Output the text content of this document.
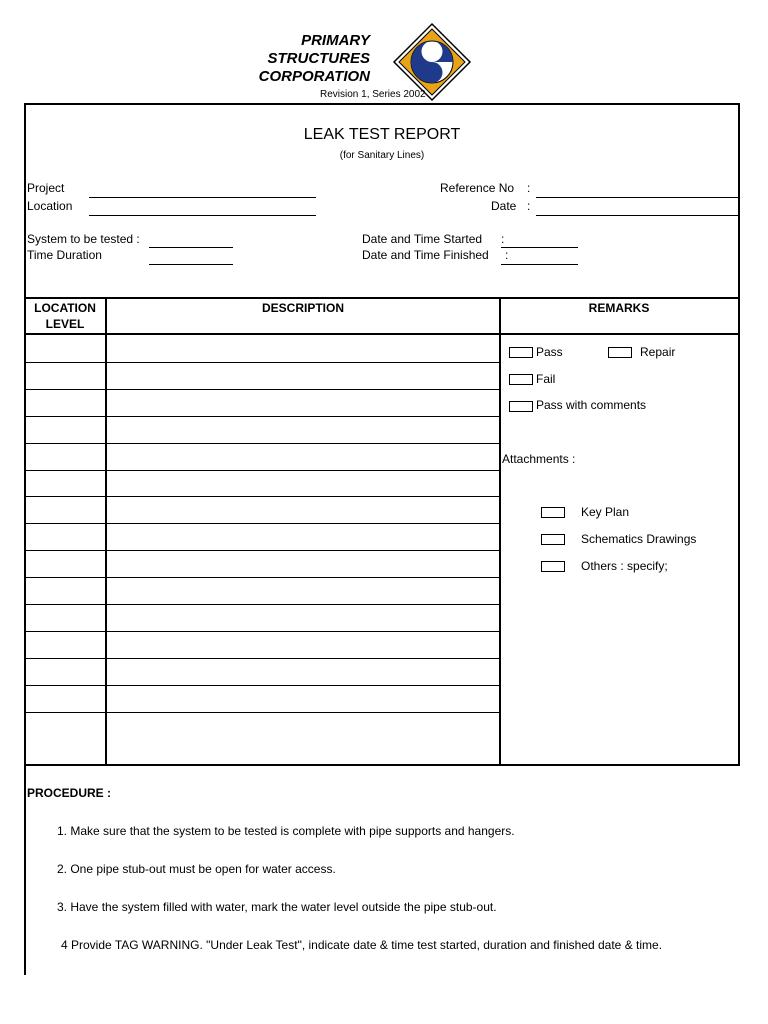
PRIMARY
STRUCTURES
CORPORATION
Revision 1, Series 2002
LEAK TEST REPORT
(for Sanitary Lines)
Project
Location
Reference No :
Date :
System to be tested :
Time Duration
Date and Time Started :
Date and Time Finished :
LOCATION
LEVEL
DESCRIPTION	REMARKS
Pass	Repair
Fail
Pass with comments
Attachments :
Key Plan
Schematics Drawings
Others : specify;
PROCEDURE :
1. Make sure that the system to be tested is complete with pipe supports and hangers.
2. One pipe stub-out must be open for water access.
3. Have the system filled with water, mark the water level outside the pipe stub-out.
4 Provide TAG WARNING. "Under Leak Test", indicate date & time test started, duration and finished date & time.
